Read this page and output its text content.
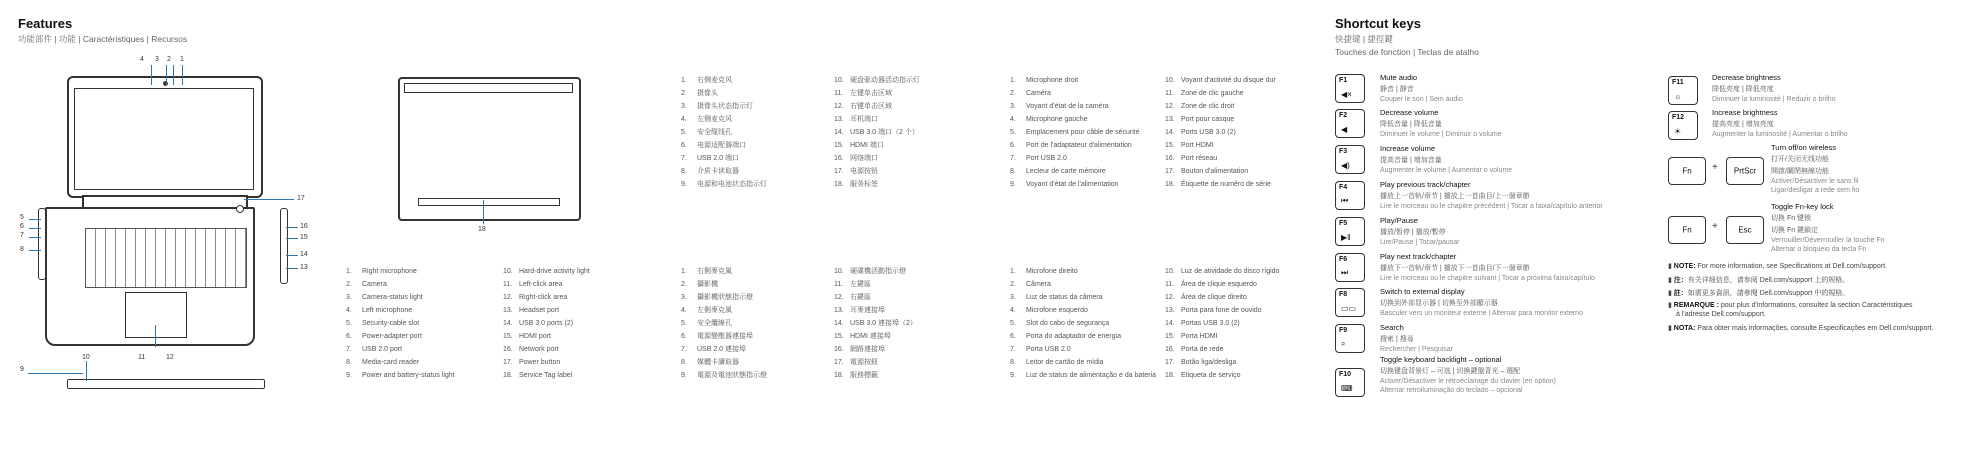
Features
功能部件 | 功能 | Caractéristiques | Recursos
4 3 2 1
5
6
7
8
17
16
15
14
13
9
10	11	12
18
1. 右侧麦克风
2. 摄像头
3. 摄像头状态指示灯
4. 左侧麦克风
5. 安全缆线孔
6. 电源适配器端口
7. USB 2.0 端口
8. 介质卡读取器
9. 电源和电池状态指示灯
10. 硬盘驱动器活动指示灯
11. 左键单击区域
12. 右键单击区域
13. 耳机端口
14. USB 3.0 端口（2 个）
15. HDMI 端口
16. 网络端口
17. 电源按钮
18. 服务标签
1. Microphone droit
2. Caméra
3. Voyant d'état de la caméra
4. Microphone gauche
5. Emplacement pour câble de sécurité
6. Port de l'adaptateur d'alimentation
7. Port USB 2.0
8. Lecteur de carte mémoire
9. Voyant d'état de l'alimentation
10. Voyant d'activité du disque dur
11. Zone de clic gauche
12. Zone de clic droit
13. Port pour casque
14. Ports USB 3.0 (2)
15. Port HDMI
16. Port réseau
17. Bouton d'alimentation
18. Étiquette de numéro de série
1. Right microphone
2. Camera
3. Camera-status light
4. Left microphone
5. Security-cable slot
6. Power-adapter port
7. USB 2.0 port
8. Media-card reader
9. Power and battery-status light
10. Hard-drive activity light
11. Left-click area
12. Right-click area
13. Headset port
14. USB 3.0 ports (2)
15. HDMI port
16. Network port
17. Power button
18. Service Tag label
1. 右側麥克風
2. 攝影機
3. 攝影機狀態指示燈
4. 左側麥克風
5. 安全纜線孔
6. 電源變壓器連接埠
7. USB 2.0 連接埠
8. 媒體卡讀取器
9. 電源及電池狀態指示燈
10. 硬碟機活動指示燈
11. 左鍵區
12. 右鍵區
13. 耳麥連接埠
14. USB 3.0 連接埠（2）
15. HDMI 連接埠
16. 網路連接埠
17. 電源按鈕
18. 服務標籤
1. Microfone direito
2. Câmera
3. Luz de status da câmera
4. Microfone esquerdo
5. Slot do cabo de segurança
6. Porta do adaptador de energia
7. Porta USB 2.0
8. Leitor de cartão de mídia
9. Luz de status de alimentação e da bateria
10. Luz de atividade do disco rígido
11. Área de clique esquerdo
12. Área de clique direito
13. Porta para fone de ouvido
14. Portas USB 3.0 (2)
15. Porta HDMI
16. Porta de rede
17. Botão liga/desliga
18. Etiqueta de serviço
Shortcut keys
快捷键 | 捷徑鍵
Touches de fonction | Teclas de atalho
F1
◀×
Mute audio
静音 | 靜音
Couper le son | Sem áudio
F2
◀
Decrease volume
降低音量 | 降低音量
Diminuer le volume | Diminuir o volume
F3
◀)
Increase volume
提高音量 | 增加音量
Augmenter le volume | Aumentar o volume
F4
⏮
Play previous track/chapter
播放上一首轨/章节 | 播放上一首曲目/上一個章節
Lire le morceau ou le chapitre précédent | Tocar a faixa/capítulo anterior
F5
▶‖
Play/Pause
播放/暂停 | 播放/暫停
Lire/Pause | Tocar/pausar
F6
⏭
Play next track/chapter
播放下一首轨/章节 | 播放下一首曲目/下一個章節
Lire le morceau ou le chapitre suivant | Tocar a próxima faixa/capítulo
F8
▭▭
Switch to external display
切换到外部显示器 | 切換至外部顯示器
Basculer vers un moniteur externe | Alternar para monitor externo
F9
⌕
Search
搜索 | 搜尋
Rechercher | Pesquisar
F10
⌨
Toggle keyboard backlight – optional
切换键盘背景灯 – 可选 | 切換鍵盤背光 – 選配
Activer/Désactiver le rétroéclairage du clavier (en option)
Alternar retroiluminação do teclado – opcional
F11
☼
Decrease brightness
降低亮度 | 降低亮度
Diminuer la luminosité | Reduzir o brilho
F12
☀
Increase brightness
提高亮度 | 增加亮度
Augmenter la luminosité | Aumentar o brilho
Fn	+	PrtScr
Turn off/on wireless
打开/关闭无线功能
開啟/關閉無線功能
Activer/Désactiver le sans fil
Ligar/desligar a rede sem fio
Fn	+	Esc
Toggle Fn-key lock
切换 Fn 键锁
切換 Fn 鍵鎖定
Verrouiller/Déverrouiller la touche Fn
Alternar o bloqueio da tecla Fn
▮ NOTE: For more information, see Specifications at Dell.com/support.
▮ 注：有关详细信息，请参阅 Dell.com/support 上的规格。
▮ 註：如需更多資訊，請參閱 Dell.com/support 中的規格。
▮ REMARQUE : pour plus d'informations, consultez la section Caractéristiques
à l'adresse Dell.com/support.
▮ NOTA: Para obter mais informações, consulte Especificações em Dell.com/support.
